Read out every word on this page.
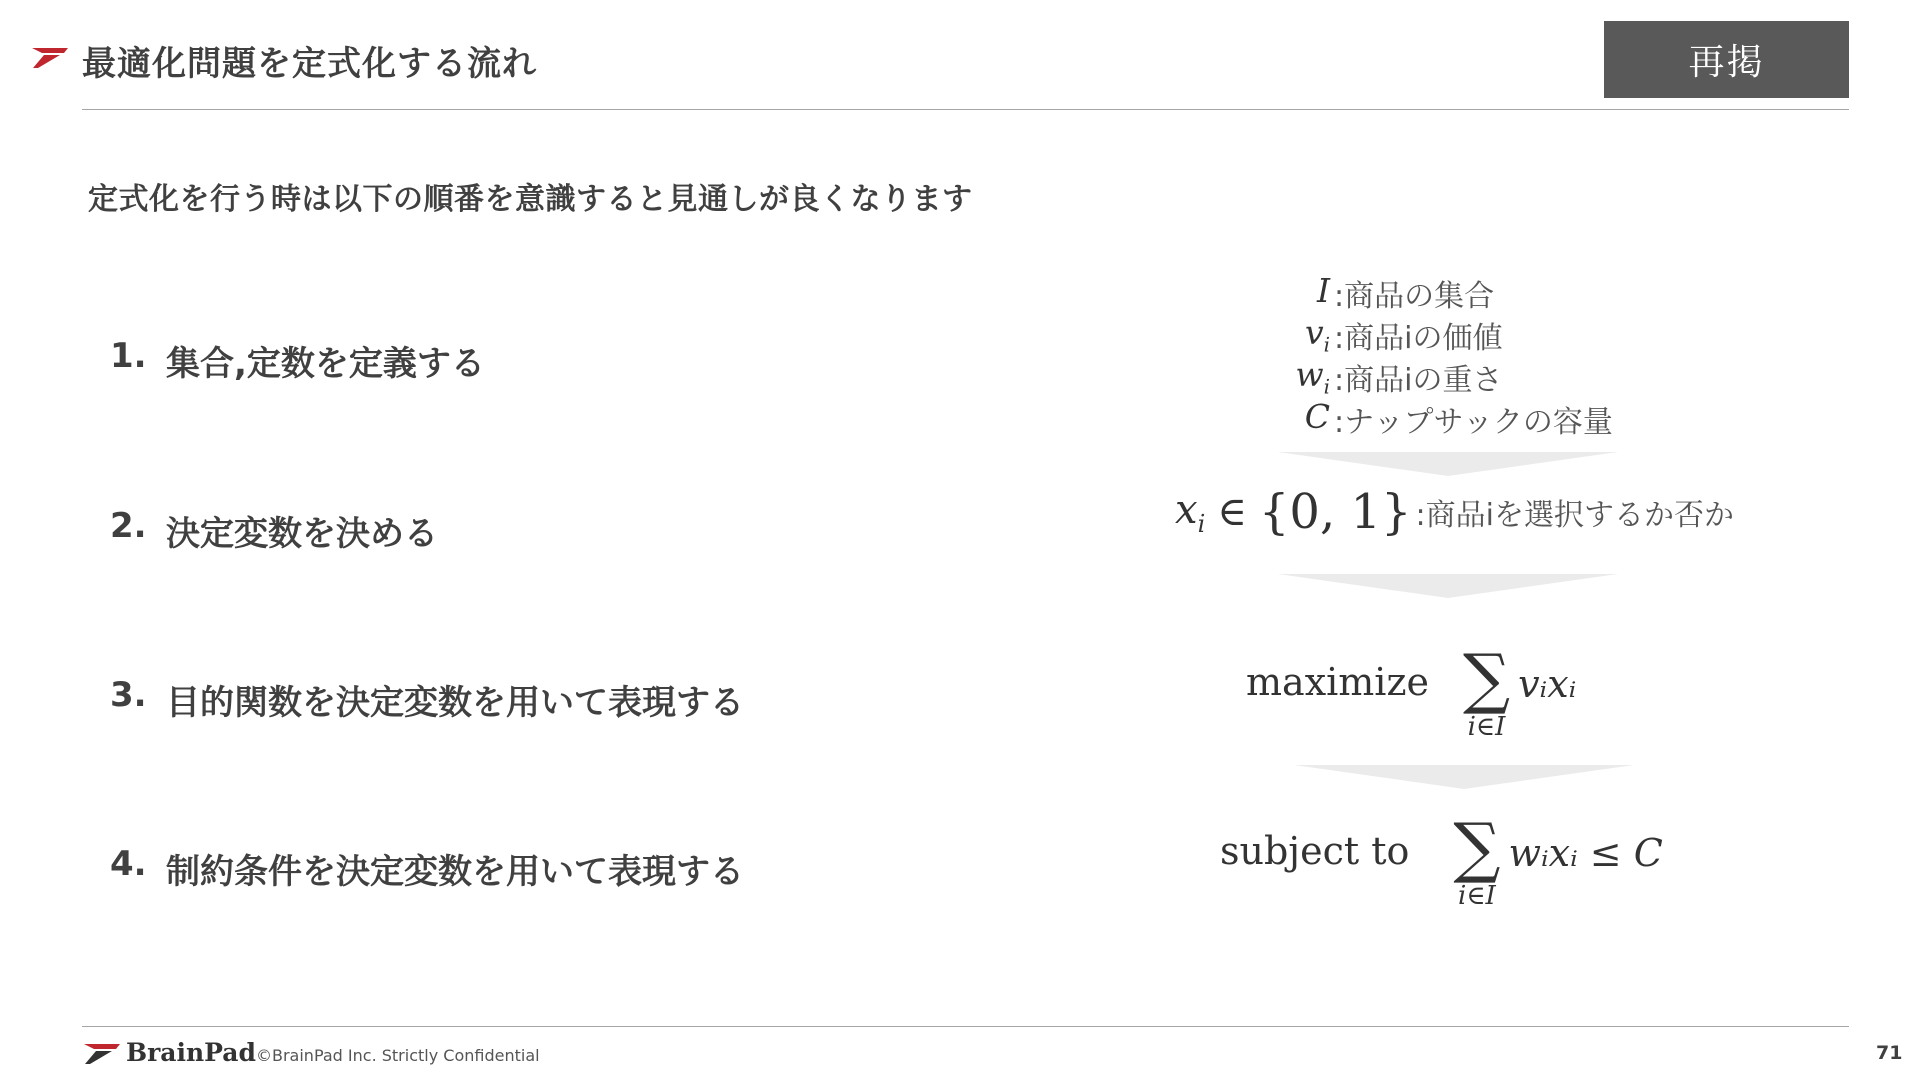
最適化問題を定式化する流れ	再掲
定式化を行う時は以下の順番を意識すると見通しが良くなります
1. 集合,定数を定義する
2. 決定変数を決める
3. 目的関数を決定変数を用いて表現する
4. 制約条件を決定変数を用いて表現する
I :商品の集合
$v_i$ :商品iの価値
$w_i$ :商品iの重さ
C :ナップサックの容量
$x_i$ ∈ {0, 1} :商品iを選択するか否か
maximize ∑
i∈I
vᵢxᵢ
subject to ∑
i∈I
wᵢxᵢ ≤ C
BrainPad ©BrainPad Inc. Strictly Confidential	71
